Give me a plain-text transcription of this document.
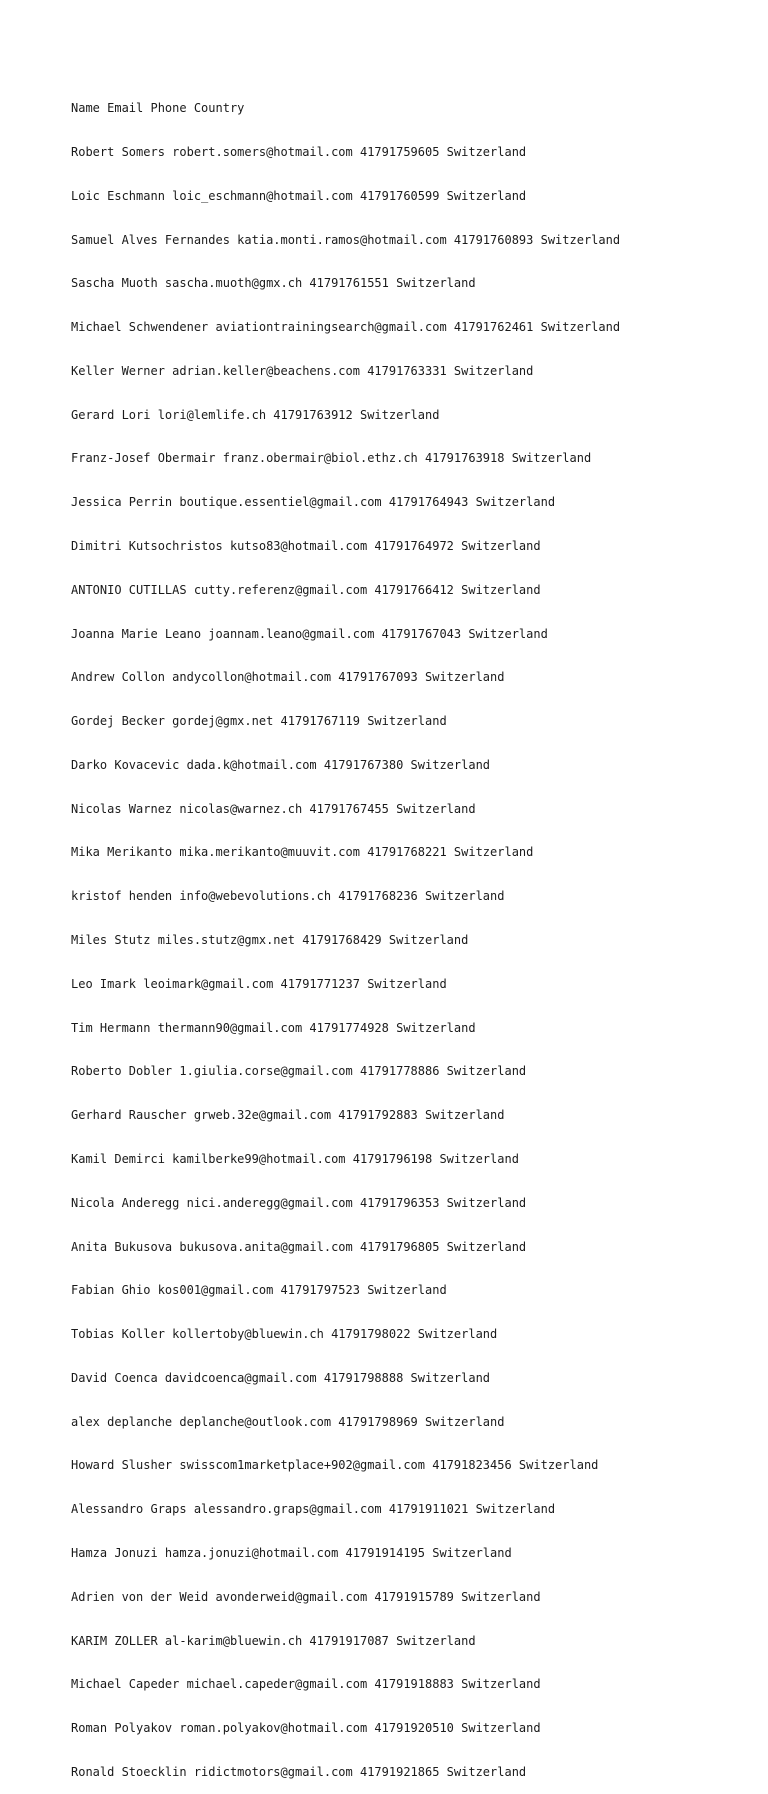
Name Email Phone Country

Robert Somers robert.somers@hotmail.com 41791759605 Switzerland

Loic Eschmann loic_eschmann@hotmail.com 41791760599 Switzerland

Samuel Alves Fernandes katia.monti.ramos@hotmail.com 41791760893 Switzerland

Sascha Muoth sascha.muoth@gmx.ch 41791761551 Switzerland

Michael Schwendener aviationtrainingsearch@gmail.com 41791762461 Switzerland

Keller Werner adrian.keller@beachens.com 41791763331 Switzerland

Gerard Lori lori@lemlife.ch 41791763912 Switzerland

Franz-Josef Obermair franz.obermair@biol.ethz.ch 41791763918 Switzerland

Jessica Perrin boutique.essentiel@gmail.com 41791764943 Switzerland

Dimitri Kutsochristos kutso83@hotmail.com 41791764972 Switzerland

ANTONIO CUTILLAS cutty.referenz@gmail.com 41791766412 Switzerland

Joanna Marie Leano joannam.leano@gmail.com 41791767043 Switzerland

Andrew Collon andycollon@hotmail.com 41791767093 Switzerland

Gordej Becker gordej@gmx.net 41791767119 Switzerland

Darko Kovacevic dada.k@hotmail.com 41791767380 Switzerland

Nicolas Warnez nicolas@warnez.ch 41791767455 Switzerland

Mika Merikanto mika.merikanto@muuvit.com 41791768221 Switzerland

kristof henden info@webevolutions.ch 41791768236 Switzerland

Miles Stutz miles.stutz@gmx.net 41791768429 Switzerland

Leo Imark leoimark@gmail.com 41791771237 Switzerland

Tim Hermann thermann90@gmail.com 41791774928 Switzerland

Roberto Dobler 1.giulia.corse@gmail.com 41791778886 Switzerland

Gerhard Rauscher grweb.32e@gmail.com 41791792883 Switzerland

Kamil Demirci kamilberke99@hotmail.com 41791796198 Switzerland

Nicola Anderegg nici.anderegg@gmail.com 41791796353 Switzerland

Anita Bukusova bukusova.anita@gmail.com 41791796805 Switzerland

Fabian Ghio kos001@gmail.com 41791797523 Switzerland

Tobias Koller kollertoby@bluewin.ch 41791798022 Switzerland

David Coenca davidcoenca@gmail.com 41791798888 Switzerland

alex deplanche deplanche@outlook.com 41791798969 Switzerland

Howard Slusher swisscom1marketplace+902@gmail.com 41791823456 Switzerland

Alessandro Graps alessandro.graps@gmail.com 41791911021 Switzerland

Hamza Jonuzi hamza.jonuzi@hotmail.com 41791914195 Switzerland

Adrien von der Weid avonderweid@gmail.com 41791915789 Switzerland

KARIM ZOLLER al-karim@bluewin.ch 41791917087 Switzerland

Michael Capeder michael.capeder@gmail.com 41791918883 Switzerland

Roman Polyakov roman.polyakov@hotmail.com 41791920510 Switzerland

Ronald Stoecklin ridictmotors@gmail.com 41791921865 Switzerland
